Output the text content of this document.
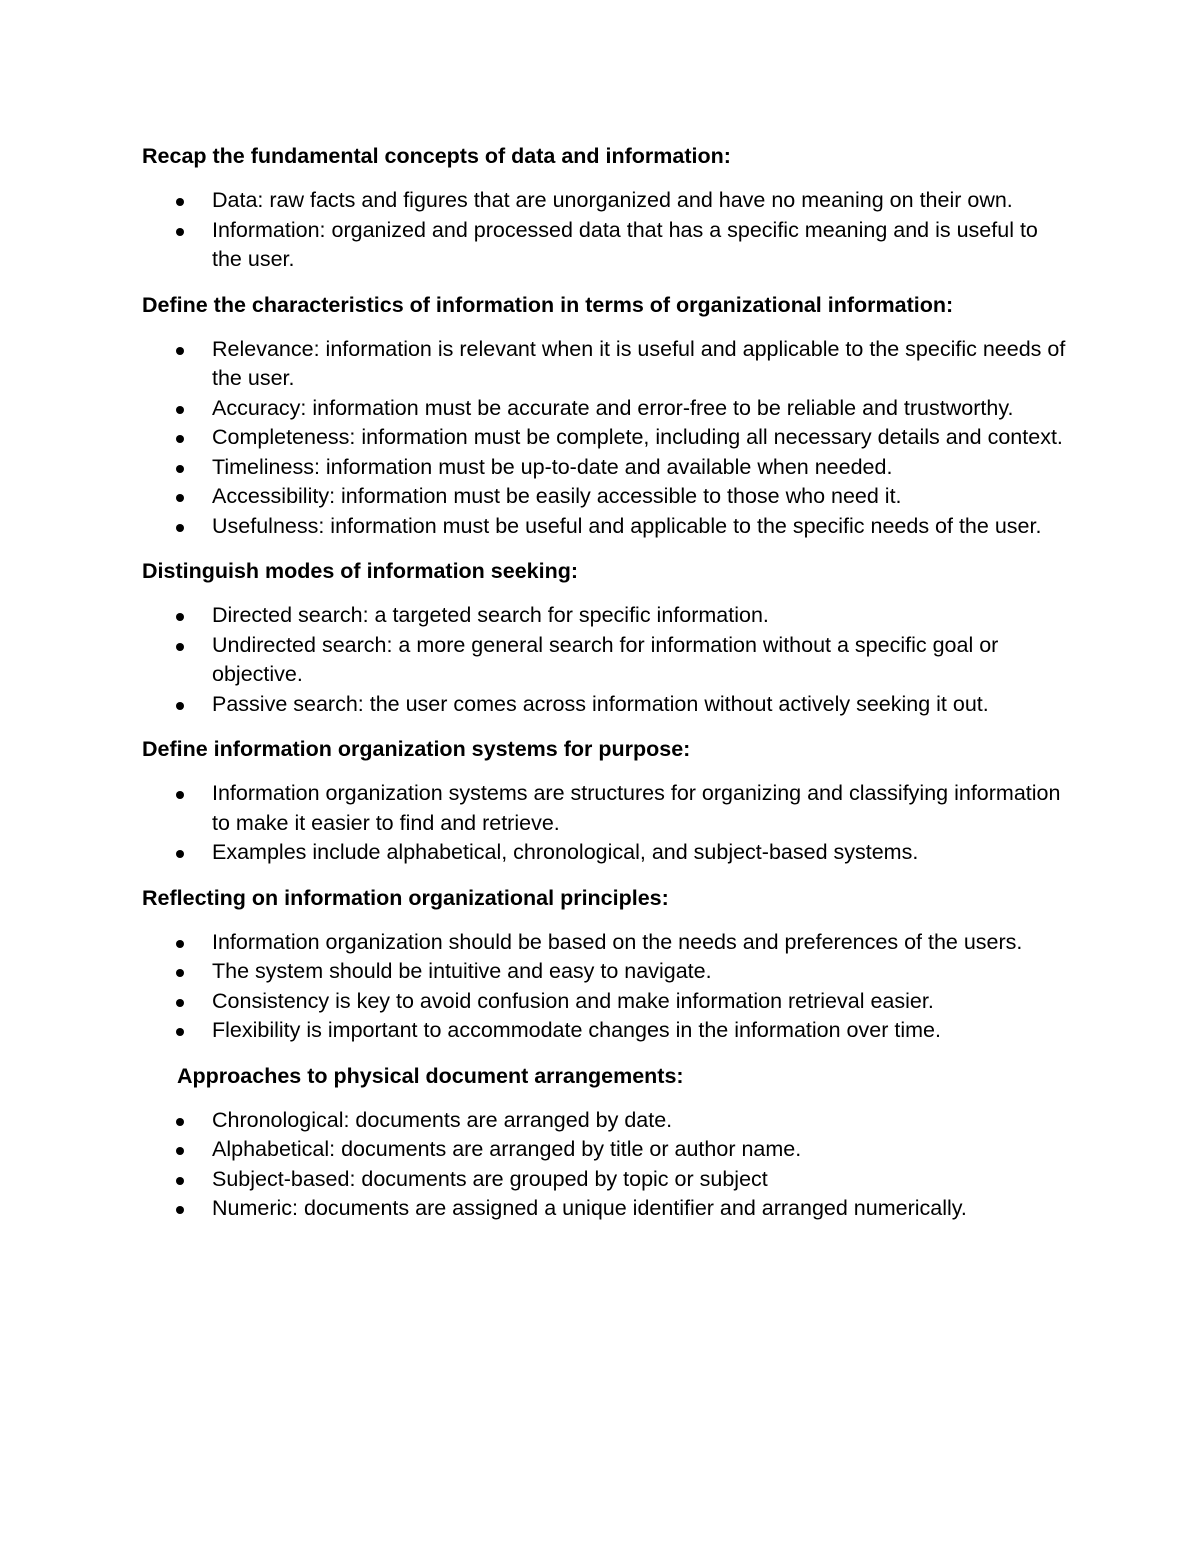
Recap the fundamental concepts of data and information:

Data: raw facts and figures that are unorganized and have no meaning on their own.
Information: organized and processed data that has a specific meaning and is useful to the user.

Define the characteristics of information in terms of organizational information:

Relevance: information is relevant when it is useful and applicable to the specific needs of the user.
Accuracy: information must be accurate and error-free to be reliable and trustworthy.
Completeness: information must be complete, including all necessary details and context.
Timeliness: information must be up-to-date and available when needed.
Accessibility: information must be easily accessible to those who need it.
Usefulness: information must be useful and applicable to the specific needs of the user.

Distinguish modes of information seeking:

Directed search: a targeted search for specific information.
Undirected search: a more general search for information without a specific goal or objective.
Passive search: the user comes across information without actively seeking it out.

Define information organization systems for purpose:

Information organization systems are structures for organizing and classifying information to make it easier to find and retrieve.
Examples include alphabetical, chronological, and subject-based systems.

Reflecting on information organizational principles:

Information organization should be based on the needs and preferences of the users.
The system should be intuitive and easy to navigate.
Consistency is key to avoid confusion and make information retrieval easier.
Flexibility is important to accommodate changes in the information over time.

Approaches to physical document arrangements:

Chronological: documents are arranged by date.
Alphabetical: documents are arranged by title or author name.
Subject-based: documents are grouped by topic or subject
Numeric: documents are assigned a unique identifier and arranged numerically.
